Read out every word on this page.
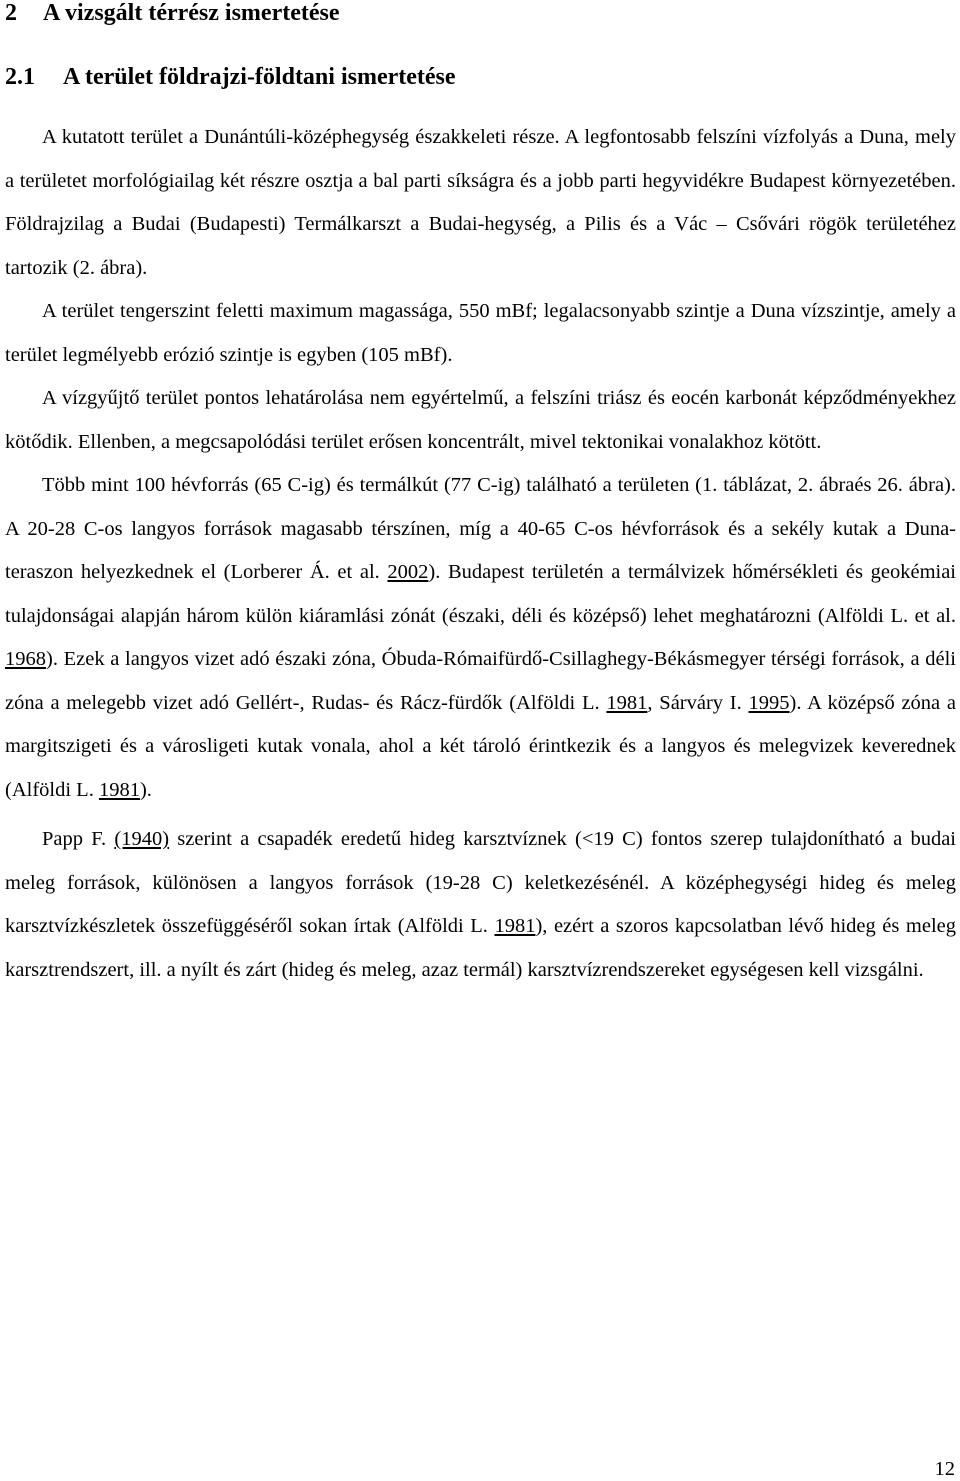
2 A vizsgált térrész ismertetése
2.1 A terület földrajzi-földtani ismertetése

A kutatott terület a Dunántúli-középhegység északkeleti része. A legfontosabb felszíni vízfolyás a Duna, mely a területet morfológiailag két részre osztja a bal parti síkságra és a jobb parti hegyvidékre Budapest környezetében. Földrajzilag a Budai (Budapesti) Termálkarszt a Budai-hegység, a Pilis és a Vác – Csővári rögök területéhez tartozik (2. ábra).

A terület tengerszint feletti maximum magassága, 550 mBf; legalacsonyabb szintje a Duna vízszintje, amely a terület legmélyebb erózió szintje is egyben (105 mBf).

A vízgyűjtő terület pontos lehatárolása nem egyértelmű, a felszíni triász és eocén karbonát képződményekhez kötődik. Ellenben, a megcsapolódási terület erősen koncentrált, mivel tektonikai vonalakhoz kötött.

Több mint 100 hévforrás (65 C-ig) és termálkút (77 C-ig) található a területen (1. táblázat, 2. ábraés 26. ábra). A 20-28 C-os langyos források magasabb térszínen, míg a 40-65 C-os hévforrások és a sekély kutak a Duna-teraszon helyezkednek el (Lorberer Á. et al. 2002). Budapest területén a termálvizek hőmérsékleti és geokémiai tulajdonságai alapján három külön kiáramlási zónát (északi, déli és középső) lehet meghatározni (Alföldi L. et al. 1968). Ezek a langyos vizet adó északi zóna, Óbuda-Rómaifürdő-Csillaghegy-Békásmegyer térségi források, a déli zóna a melegebb vizet adó Gellért-, Rudas- és Rácz-fürdők (Alföldi L. 1981, Sárváry I. 1995). A középső zóna a margitszigeti és a városligeti kutak vonala, ahol a két tároló érintkezik és a langyos és melegvizek keverednek (Alföldi L. 1981).

Papp F. (1940) szerint a csapadék eredetű hideg karsztvíznek (<19 C) fontos szerep tulajdonítható a budai meleg források, különösen a langyos források (19-28 C) keletkezésénél. A középhegységi hideg és meleg karsztvízkészletek összefüggéséről sokan írtak (Alföldi L. 1981), ezért a szoros kapcsolatban lévő hideg és meleg karsztrendszert, ill. a nyílt és zárt (hideg és meleg, azaz termál) karsztvízrendszereket egységesen kell vizsgálni.

12
